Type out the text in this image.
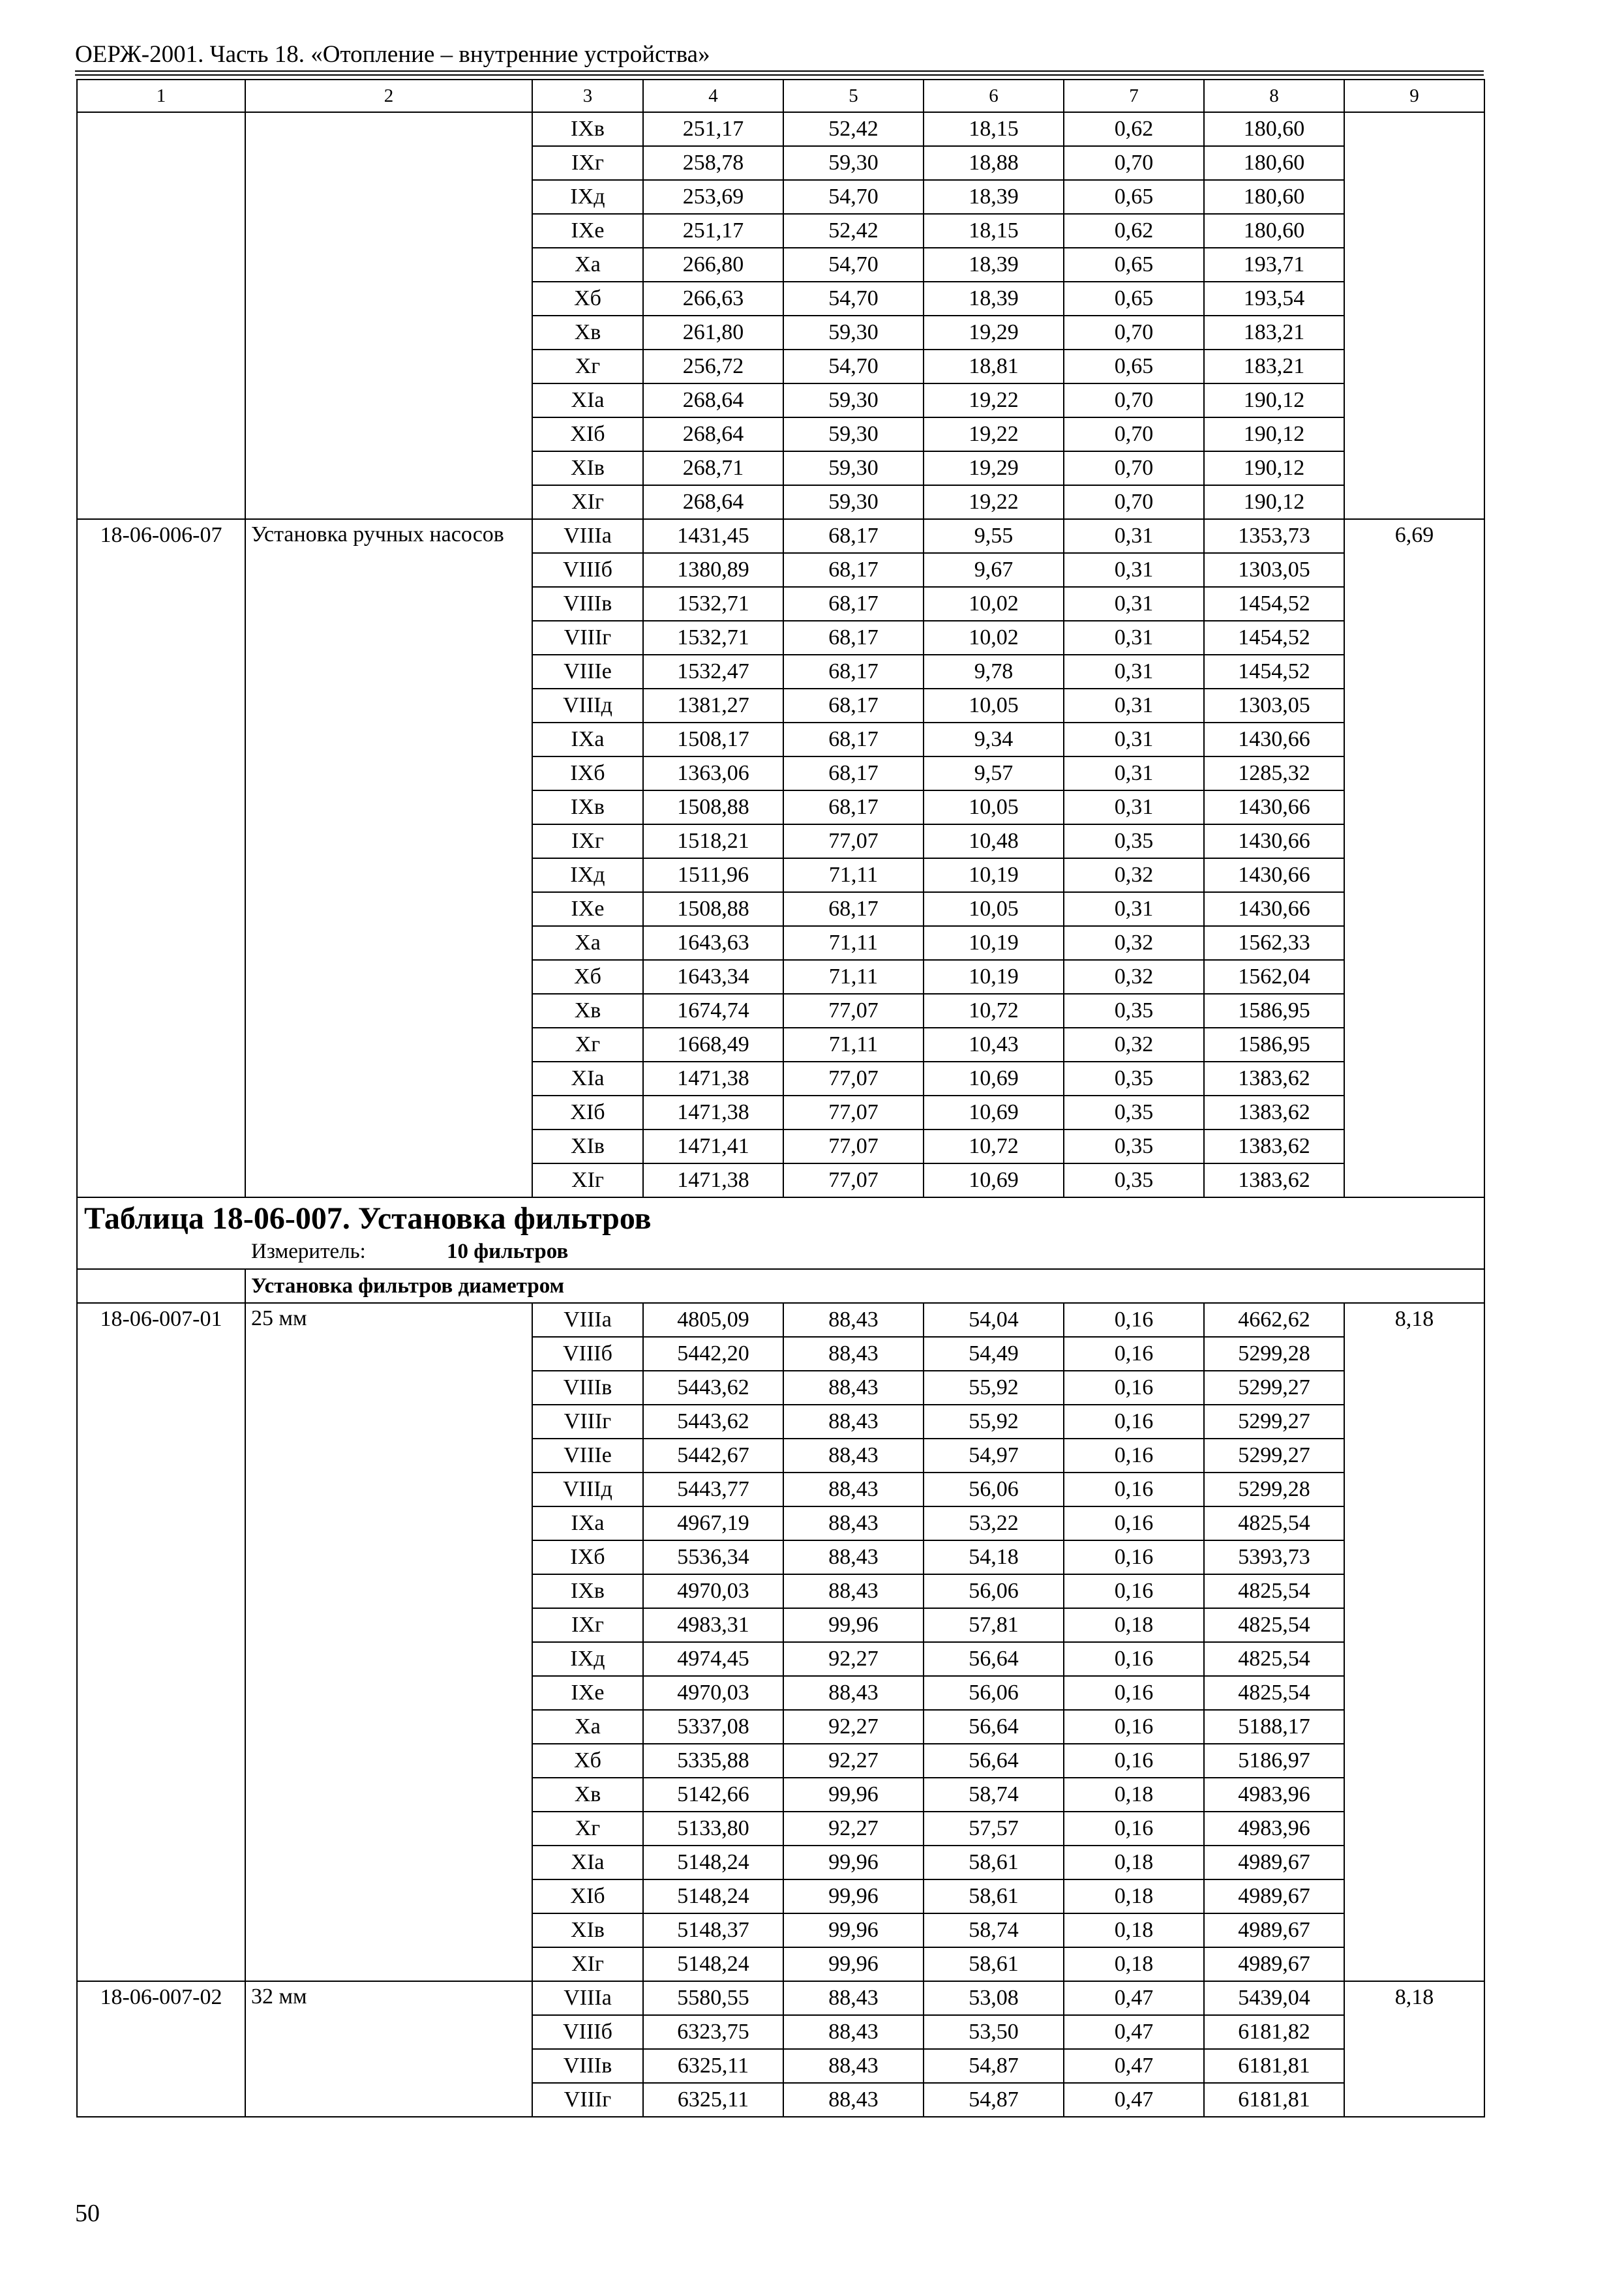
ОЕРЖ-2001. Часть 18. «Отопление – внутренние устройства»
1	2	3	4	5	6	7	8	9
		IXв	251,17	52,42	18,15	0,62	180,60	
		IXг	258,78	59,30	18,88	0,70	180,60	
		IXд	253,69	54,70	18,39	0,65	180,60	
		IXе	251,17	52,42	18,15	0,62	180,60	
		Xа	266,80	54,70	18,39	0,65	193,71	
		Xб	266,63	54,70	18,39	0,65	193,54	
		Xв	261,80	59,30	19,29	0,70	183,21	
		Xг	256,72	54,70	18,81	0,65	183,21	
		XIа	268,64	59,30	19,22	0,70	190,12	
		XIб	268,64	59,30	19,22	0,70	190,12	
		XIв	268,71	59,30	19,29	0,70	190,12	
		XIг	268,64	59,30	19,22	0,70	190,12	
18-06-006-07	Установка ручных насосов	VIIIа	1431,45	68,17	9,55	0,31	1353,73	6,69
		VIIIб	1380,89	68,17	9,67	0,31	1303,05	
		VIIIв	1532,71	68,17	10,02	0,31	1454,52	
		VIIIг	1532,71	68,17	10,02	0,31	1454,52	
		VIIIе	1532,47	68,17	9,78	0,31	1454,52	
		VIIIд	1381,27	68,17	10,05	0,31	1303,05	
		IXа	1508,17	68,17	9,34	0,31	1430,66	
		IXб	1363,06	68,17	9,57	0,31	1285,32	
		IXв	1508,88	68,17	10,05	0,31	1430,66	
		IXг	1518,21	77,07	10,48	0,35	1430,66	
		IXд	1511,96	71,11	10,19	0,32	1430,66	
		IXе	1508,88	68,17	10,05	0,31	1430,66	
		Xа	1643,63	71,11	10,19	0,32	1562,33	
		Xб	1643,34	71,11	10,19	0,32	1562,04	
		Xв	1674,74	77,07	10,72	0,35	1586,95	
		Xг	1668,49	71,11	10,43	0,32	1586,95	
		XIа	1471,38	77,07	10,69	0,35	1383,62	
		XIб	1471,38	77,07	10,69	0,35	1383,62	
		XIв	1471,41	77,07	10,72	0,35	1383,62	
		XIг	1471,38	77,07	10,69	0,35	1383,62	

Таблица 18-06-007. Установка фильтров
Измеритель: 10 фильтров								

	Установка фильтров диаметром							
18-06-007-01	25 мм	VIIIа	4805,09	88,43	54,04	0,16	4662,62	8,18
		VIIIб	5442,20	88,43	54,49	0,16	5299,28	
		VIIIв	5443,62	88,43	55,92	0,16	5299,27	
		VIIIг	5443,62	88,43	55,92	0,16	5299,27	
		VIIIе	5442,67	88,43	54,97	0,16	5299,27	
		VIIIд	5443,77	88,43	56,06	0,16	5299,28	
		IXа	4967,19	88,43	53,22	0,16	4825,54	
		IXб	5536,34	88,43	54,18	0,16	5393,73	
		IXв	4970,03	88,43	56,06	0,16	4825,54	
		IXг	4983,31	99,96	57,81	0,18	4825,54	
		IXд	4974,45	92,27	56,64	0,16	4825,54	
		IXе	4970,03	88,43	56,06	0,16	4825,54	
		Xа	5337,08	92,27	56,64	0,16	5188,17	
		Xб	5335,88	92,27	56,64	0,16	5186,97	
		Xв	5142,66	99,96	58,74	0,18	4983,96	
		Xг	5133,80	92,27	57,57	0,16	4983,96	
		XIа	5148,24	99,96	58,61	0,18	4989,67	
		XIб	5148,24	99,96	58,61	0,18	4989,67	
		XIв	5148,37	99,96	58,74	0,18	4989,67	
		XIг	5148,24	99,96	58,61	0,18	4989,67	
18-06-007-02	32 мм	VIIIа	5580,55	88,43	53,08	0,47	5439,04	8,18
		VIIIб	6323,75	88,43	53,50	0,47	6181,82	
		VIIIв	6325,11	88,43	54,87	0,47	6181,81	
		VIIIг	6325,11	88,43	54,87	0,47	6181,81	
50
